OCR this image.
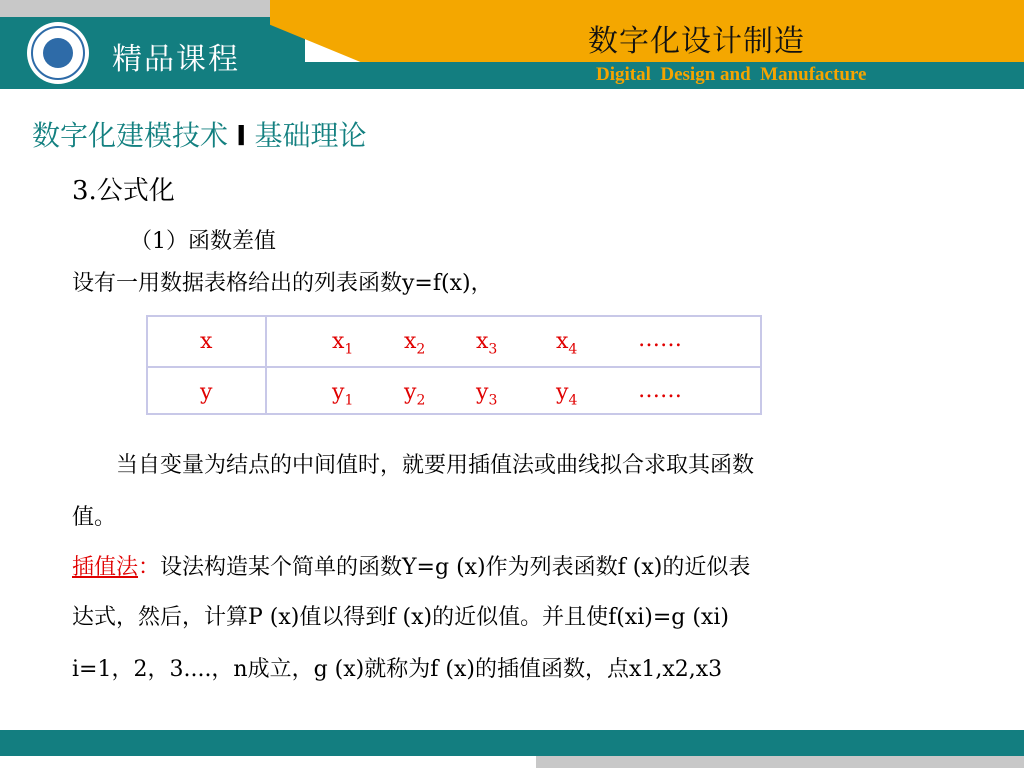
精品课程
数字化设计制造
Digital  Design and  Manufacture
数字化建模技术 I 基础理论
3.公式化
（1）函数差值
设有一用数据表格给出的列表函数y=f(x)，
x	$x_1$ $x_2$ $x_3$	$x_4$	……
y	$y_1$ $y_2$ $y_3$	$y_4$	……
当自变量为结点的中间值时，就要用插值法或曲线拟合求取其函数
值。
插值法：设法构造某个简单的函数Y=g (x)作为列表函数f (x)的近似表
达式，然后，计算P (x)值以得到f (x)的近似值。并且使f(xi)=g (xi)
i=1，2，3....，n成立，g (x)就称为f (x)的插值函数，点x1,x2,x3
